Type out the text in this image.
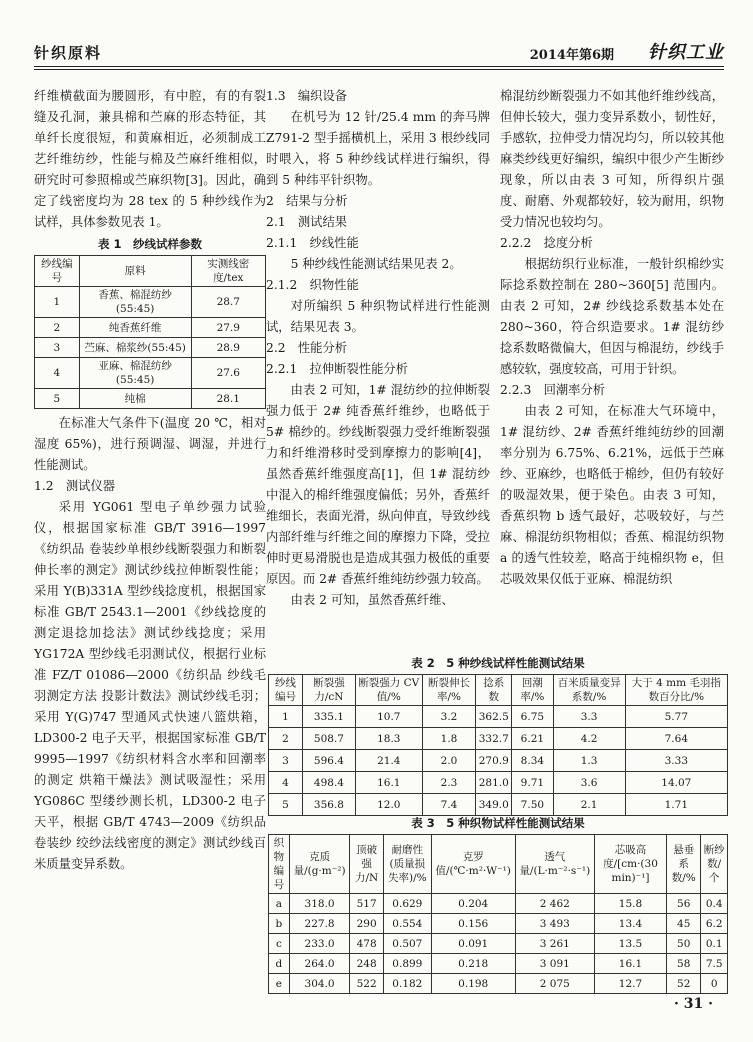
针织原料	2014年第6期 针织工业

纤维横截面为腰圆形，有中腔，有的有裂缝及孔洞，兼具棉和苎麻的形态特征，其单纤长度很短，和黄麻相近，必须制成工艺纤维纺纱，性能与棉及苎麻纤维相似，研究时可参照棉或苎麻织物[3]。因此，确定了线密度均为 28 tex 的 5 种纱线作为试样，具体参数见表 1。

表 1　纱线试样参数
纱线编号	原料	实测线密度/tex
1	香蕉、棉混纺纱(55:45)	28.7
2	纯香蕉纤维	27.9
3	苎麻、棉浆纱(55:45)	28.9
4	亚麻、棉混纺纱(55:45)	27.6
5	纯棉	28.1

在标准大气条件下(温度 20 ℃，相对湿度 65%)，进行预调湿、调湿，并进行性能测试。

1.2　测试仪器

采用 YG061 型电子单纱强力试验仪，根据国家标准 GB/T 3916—1997《纺织品 卷装纱单根纱线断裂强力和断裂伸长率的测定》测试纱线拉伸断裂性能；采用 Y(B)331A 型纱线捻度机，根据国家标准 GB/T 2543.1—2001《纱线捻度的测定退捻加捻法》测试纱线捻度；采用 YG172A 型纱线毛羽测试仪，根据行业标准 FZ/T 01086—2000《纺织品 纱线毛羽测定方法 投影计数法》测试纱线毛羽；采用 Y(G)747 型通风式快速八篮烘箱，LD300-2 电子天平，根据国家标准 GB/T 9995—1997《纺织材料含水率和回潮率的测定 烘箱干燥法》测试吸湿性；采用 YG086C 型缕纱测长机，LD300-2 电子天平，根据 GB/T 4743—2009《纺织品 卷装纱 绞纱法线密度的测定》测试纱线百米质量变异系数。

1.3　编织设备

在机号为 12 针/25.4 mm 的奔马牌 Z791-2 型手摇横机上，采用 3 根纱线同时喂入，将 5 种纱线试样进行编织，得到 5 种纬平针织物。

2　结果与分析

2.1　测试结果

2.1.1　纱线性能

5 种纱线性能测试结果见表 2。

2.1.2　织物性能

对所编织 5 种织物试样进行性能测试，结果见表 3。

2.2　性能分析

2.2.1　拉伸断裂性能分析

由表 2 可知，1# 混纺纱的拉伸断裂强力低于 2# 纯香蕉纤维纱，也略低于 5# 棉纱的。纱线断裂强力受纤维断裂强力和纤维滑移时受到摩擦力的影响[4]，虽然香蕉纤维强度高[1]，但 1# 混纺纱中混入的棉纤维强度偏低；另外，香蕉纤维细长，表面光滑，纵向伸直，导致纱线内部纤维与纤维之间的摩擦力下降，受拉伸时更易滑脱也是造成其强力极低的重要原因。而 2# 香蕉纤维纯纺纱强力较高。

由表 2 可知，虽然香蕉纤维、

棉混纺纱断裂强力不如其他纤维纱线高，但伸长较大，强力变异系数小，韧性好，手感软，拉伸受力情况均匀，所以较其他麻类纱线更好编织，编织中很少产生断纱现象，所以由表 3 可知，所得织片强度、耐磨、外观都较好，较为耐用，织物受力情况也较均匀。

2.2.2　捻度分析

根据纺织行业标准，一般针织棉纱实际捻系数控制在 280~360[5] 范围内。由表 2 可知，2# 纱线捻系数基本处在 280~360，符合织造要求。1# 混纺纱捻系数略微偏大，但因与棉混纺，纱线手感较软，强度较高，可用于针织。

2.2.3　回潮率分析

由表 2 可知，在标准大气环境中，1# 混纺纱、2# 香蕉纤维纯纺纱的回潮率分别为 6.75%、6.21%，远低于苎麻纱、亚麻纱，也略低于棉纱，但仍有较好的吸湿效果，便于染色。由表 3 可知，香蕉织物 b 透气最好，芯吸较好，与苎麻、棉混纺织物相似；香蕉、棉混纺织物 a 的透气性较差，略高于纯棉织物 e，但芯吸效果仅低于亚麻、棉混纺织

表 2　5 种纱线试样性能测试结果
纱线编号	断裂强力/cN	断裂强力 CV 值/%	断裂伸长率/%	捻系数	回潮率/%	百米质量变异系数/%	大于 4 mm 毛羽指数百分比/%
1	335.1	10.7	3.2	362.5	6.75	3.3	5.77
2	508.7	18.3	1.8	332.7	6.21	4.2	7.64
3	596.4	21.4	2.0	270.9	8.34	1.3	3.33
4	498.4	16.1	2.3	281.0	9.71	3.6	14.07
5	356.8	12.0	7.4	349.0	7.50	2.1	1.71
表 3　5 种织物试样性能测试结果
织物编号	克质量/(g·m⁻²)	顶破强力/N	耐磨性(质量损失率)/%	克罗值/(℃·m²·W⁻¹)	透气量/(L·m⁻²·s⁻¹)	芯吸高度/[cm·(30 min)⁻¹]	悬垂系数/%	断纱数/个
a	318.0	517	0.629	0.204	2 462	15.8	56	0.4
b	227.8	290	0.554	0.156	3 493	13.4	45	6.2
c	233.0	478	0.507	0.091	3 261	13.5	50	0.1
d	264.0	248	0.899	0.218	3 091	16.1	58	7.5
e	304.0	522	0.182	0.198	2 075	12.7	52	0
· 31 ·
